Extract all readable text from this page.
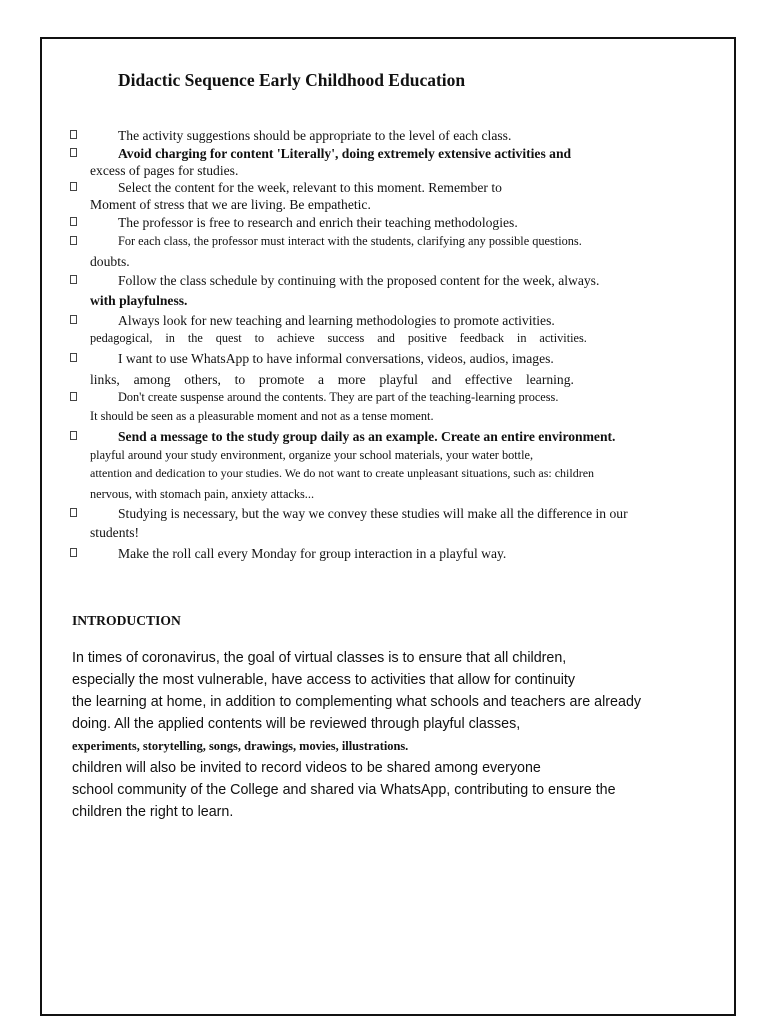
Didactic Sequence Early Childhood Education
The activity suggestions should be appropriate to the level of each class.
Avoid charging for content 'Literally', doing extremely extensive activities and
excess of pages for studies.
Select the content for the week, relevant to this moment. Remember to
Moment of stress that we are living. Be empathetic.
The professor is free to research and enrich their teaching methodologies.
For each class, the professor must interact with the students, clarifying any possible questions.
doubts.
Follow the class schedule by continuing with the proposed content for the week, always.
with playfulness.
Always look for new teaching and learning methodologies to promote activities.
pedagogical, in the quest to achieve success and positive feedback in activities.
I want to use WhatsApp to have informal conversations, videos, audios, images.
links, among others, to promote a more playful and effective learning.
Don't create suspense around the contents. They are part of the teaching-learning process.
It should be seen as a pleasurable moment and not as a tense moment.
Send a message to the study group daily as an example. Create an entire environment.
playful around your study environment, organize your school materials, your water bottle,
attention and dedication to your studies. We do not want to create unpleasant situations, such as: children
nervous, with stomach pain, anxiety attacks...
Studying is necessary, but the way we convey these studies will make all the difference in our
students!
Make the roll call every Monday for group interaction in a playful way.
INTRODUCTION
In times of coronavirus, the goal of virtual classes is to ensure that all children,
especially the most vulnerable, have access to activities that allow for continuity
the learning at home, in addition to complementing what schools and teachers are already
doing. All the applied contents will be reviewed through playful classes,
experiments, storytelling, songs, drawings, movies, illustrations.
children will also be invited to record videos to be shared among everyone
school community of the College and shared via WhatsApp, contributing to ensure the
children the right to learn.
